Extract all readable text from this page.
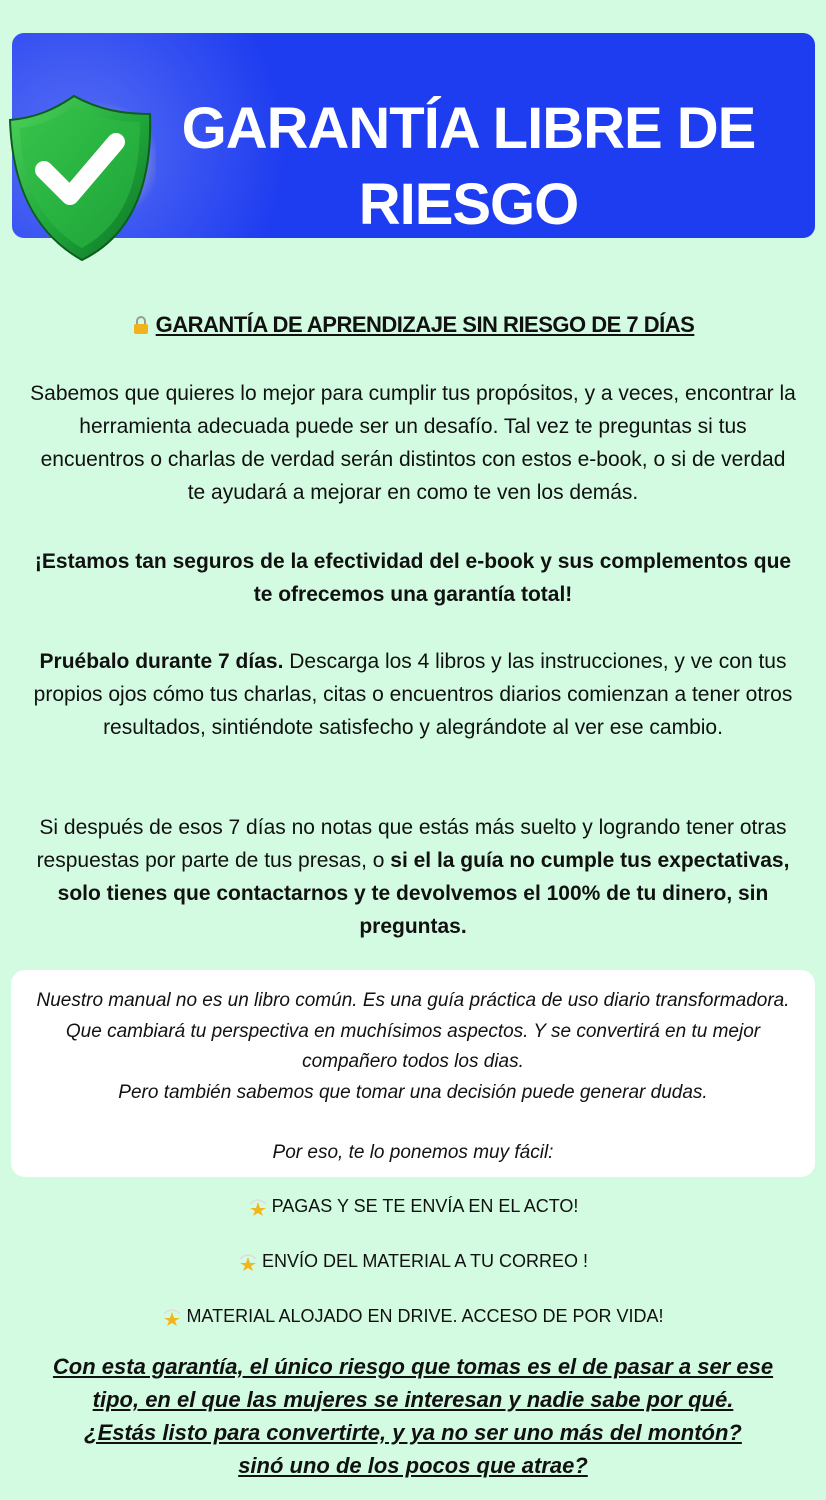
GARANTÍA LIBRE DE RIESGO
GARANTÍA DE APRENDIZAJE SIN RIESGO DE 7 DÍAS
Sabemos que quieres lo mejor para cumplir tus propósitos, y a veces, encontrar la herramienta adecuada puede ser un desafío. Tal vez te preguntas si tus encuentros o charlas de verdad serán distintos con estos e-book, o si de verdad te ayudará a mejorar en como te ven los demás.
¡Estamos tan seguros de la efectividad del e-book y sus complementos que te ofrecemos una garantía total!
Pruébalo durante 7 días. Descarga los 4 libros y las instrucciones, y ve con tus propios ojos cómo tus charlas, citas o encuentros diarios comienzan a tener otros resultados, sintiéndote satisfecho y alegrándote al ver ese cambio.
Si después de esos 7 días no notas que estás más suelto y logrando tener otras respuestas por parte de tus presas, o si el la guía no cumple tus expectativas, solo tienes que contactarnos y te devolvemos el 100% de tu dinero, sin preguntas.
Nuestro manual no es un libro común. Es una guía práctica de uso diario transformadora.
Que cambiará tu perspectiva en muchísimos aspectos. Y se convertirá en tu mejor compañero todos los dias.
Pero también sabemos que tomar una decisión puede generar dudas.
Por eso, te lo ponemos muy fácil:
PAGAS Y SE TE ENVÍA EN EL ACTO!
ENVÍO DEL MATERIAL A TU CORREO !
MATERIAL ALOJADO EN DRIVE. ACCESO DE POR VIDA!
Con esta garantía, el único riesgo que tomas es el de pasar a ser ese
tipo, en el que las mujeres se interesan y nadie sabe por qué.
¿Estás listo para convertirte, y ya no ser uno más del montón?
sinó uno de los pocos que atrae?
